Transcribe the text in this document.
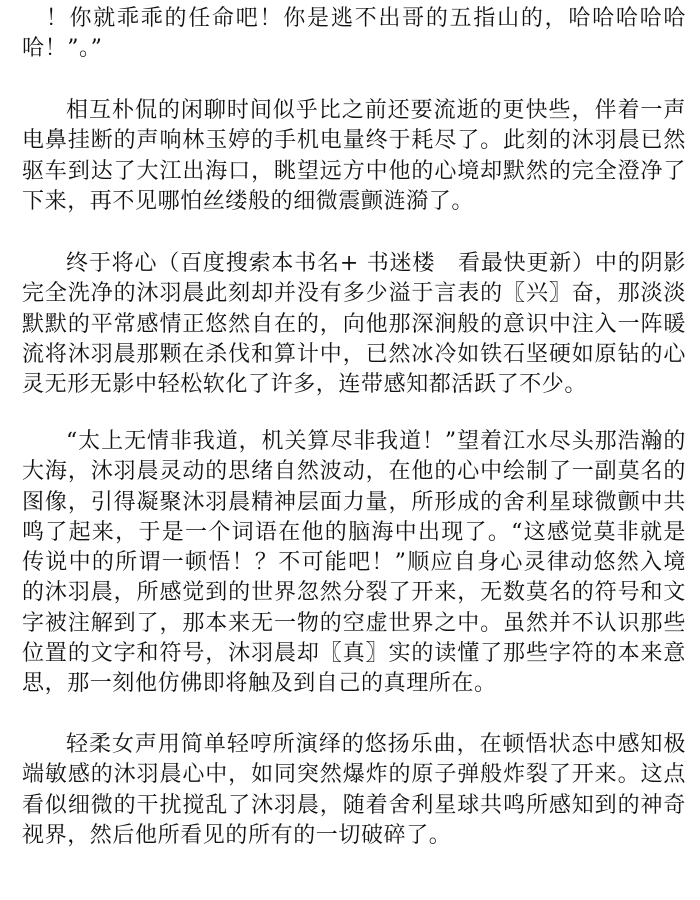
　！你就乖乖的任命吧！你是逃不出哥的五指山的，哈哈哈哈哈哈！”。”

相互朴侃的闲聊时间似乎比之前还要流逝的更快些，伴着一声电鼻挂断的声响林玉婷的手机电量终于耗尽了。此刻的沐羽晨已然驱车到达了大江出海口，眺望远方中他的心境却默然的完全澄净了下来，再不见哪怕丝缕般的细微震颤涟漪了。

终于将心（百度搜索本书名+ 书迷楼　看最快更新）中的阴影完全洗净的沐羽晨此刻却并没有多少溢于言表的〖兴〗奋，那淡淡默默的平常感情正悠然自在的，向他那深涧般的意识中注入一阵暖流将沐羽晨那颗在杀伐和算计中，已然冰冷如铁石坚硬如原钻的心灵无形无影中轻松软化了许多，连带感知都活跃了不少。

“太上无情非我道，机关算尽非我道！”望着江水尽头那浩瀚的大海，沐羽晨灵动的思绪自然波动，在他的心中绘制了一副莫名的图像，引得凝聚沐羽晨精神层面力量，所形成的舍利星球微颤中共鸣了起来，于是一个词语在他的脑海中出现了。“这感觉莫非就是传说中的所谓一顿悟！？不可能吧！”顺应自身心灵律动悠然入境的沐羽晨，所感觉到的世界忽然分裂了开来，无数莫名的符号和文字被注解到了，那本来无一物的空虚世界之中。虽然并不认识那些位置的文字和符号，沐羽晨却〖真〗实的读懂了那些字符的本来意思，那一刻他仿佛即将触及到自己的真理所在。

轻柔女声用简单轻哼所演绎的悠扬乐曲，在顿悟状态中感知极端敏感的沐羽晨心中，如同突然爆炸的原子弹般炸裂了开来。这点看似细微的干扰搅乱了沐羽晨，随着舍利星球共鸣所感知到的神奇视界，然后他所看见的所有的一切破碎了。
